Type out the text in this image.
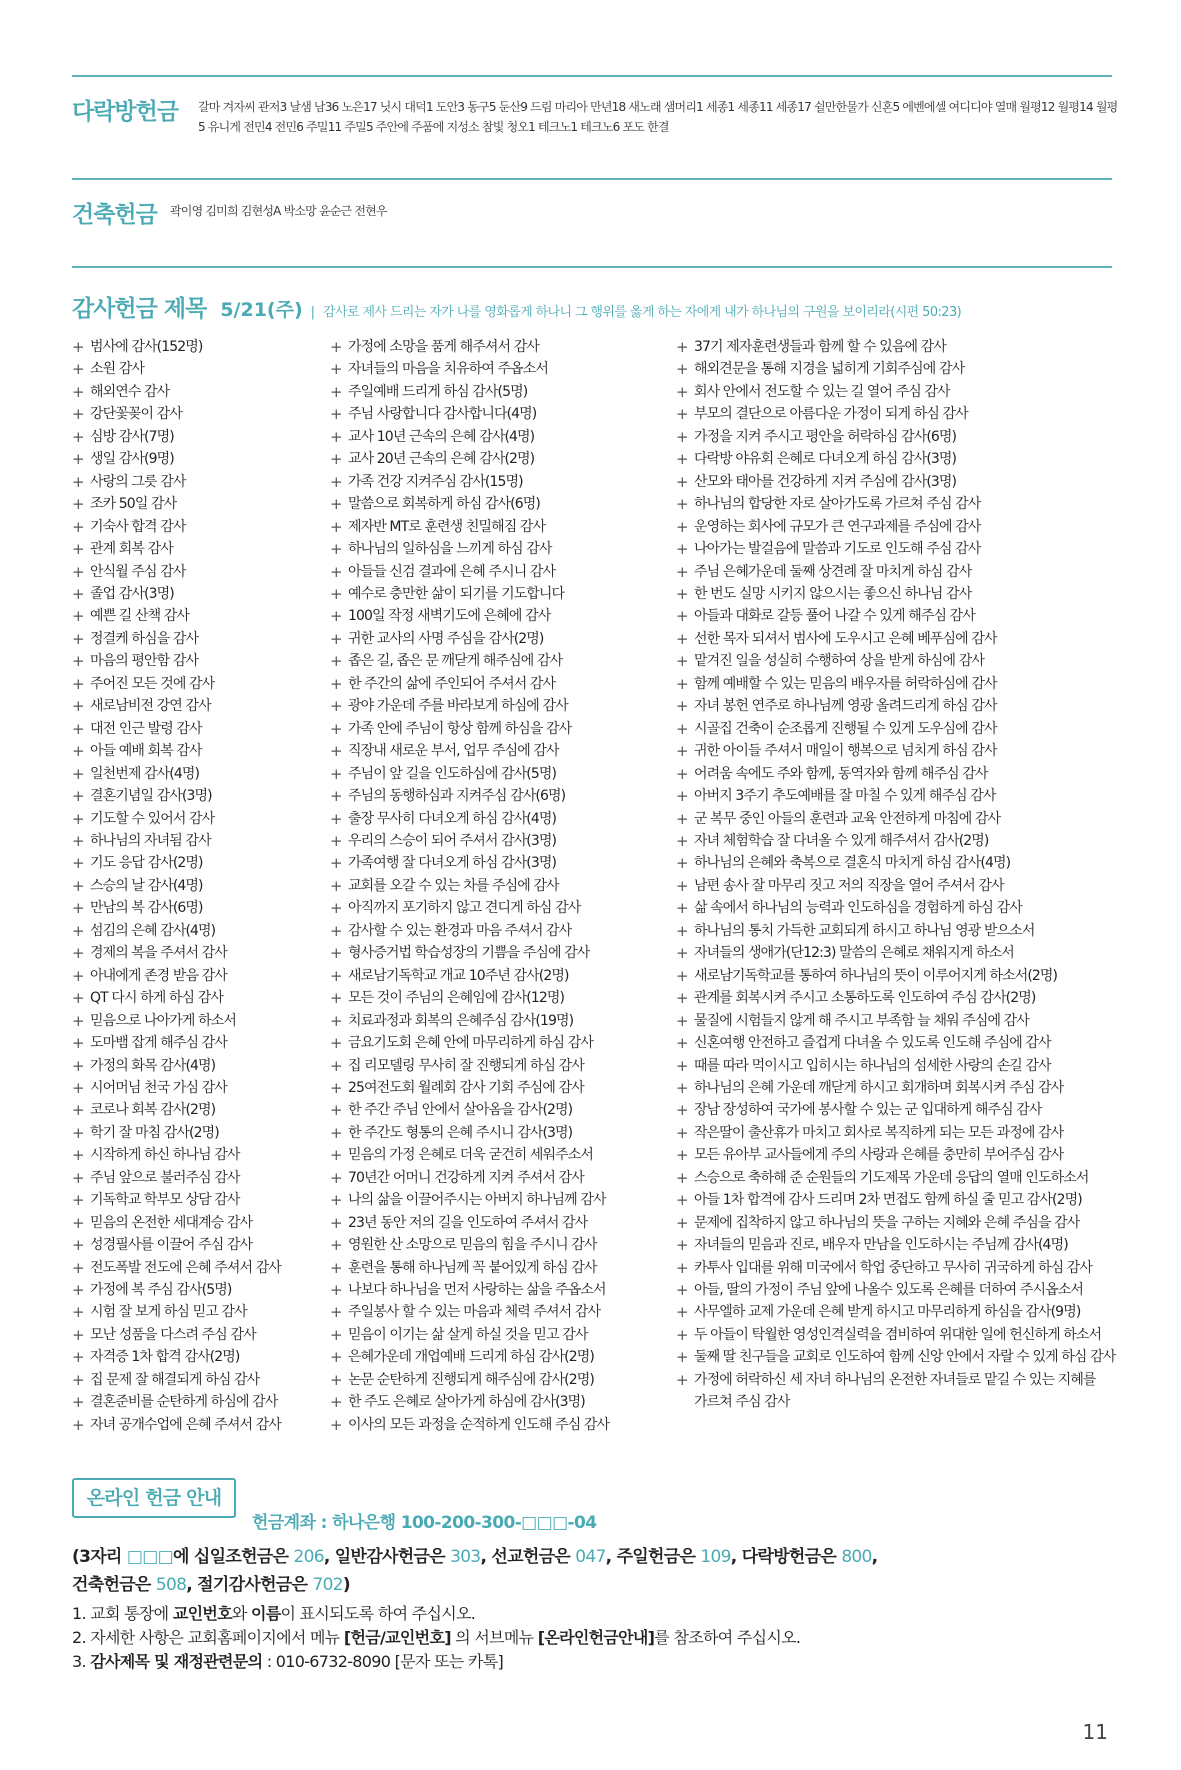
다락방헌금 갈마 겨자씨 관저3 날샘 남36 노은17 닛시 대덕1 도안3 동구5 둔산9 드림 마리아 만년18 새노래 샘머리1 세종1 세종11 세종17 쉴만한물가 신혼5 에벤에셀 여디디야 열매 월평12 월평14 월평5 유니게 전민4 전민6 주밀11 주밀5 주안에 주품에 지성소 참빛 청오1 테크노1 테크노6 포도 한결
건축헌금 곽이영 김미희 김현성A 박소망 윤순근 전현우
감사헌금 제목 5/21(주) | 감사로 제사 드리는 자가 나를 영화롭게 하나니 그 행위를 옳게 하는 자에게 내가 하나님의 구원을 보이리라(시편 50:23)
+ 범사에 감사(152명)
+ 소원 감사
+ 해외연수 감사
+ 강단꽃꽂이 감사
+ 심방 감사(7명)
+ 생일 감사(9명)
+ 사랑의 그릇 감사
+ 조카 50일 감사
+ 기숙사 합격 감사
+ 관계 회복 감사
+ 안식월 주심 감사
+ 졸업 감사(3명)
+ 예쁜 길 산책 감사
+ 정결케 하심을 감사
+ 마음의 평안함 감사
+ 주어진 모든 것에 감사
+ 새로남비전 강연 감사
+ 대전 인근 발령 감사
+ 아들 예배 회복 감사
+ 일천번제 감사(4명)
+ 결혼기념일 감사(3명)
+ 기도할 수 있어서 감사
+ 하나님의 자녀됨 감사
+ 기도 응답 감사(2명)
+ 스승의 날 감사(4명)
+ 만남의 복 감사(6명)
+ 섬김의 은혜 감사(4명)
+ 경제의 복을 주셔서 감사
+ 아내에게 존경 받음 감사
+ QT 다시 하게 하심 감사
+ 믿음으로 나아가게 하소서
+ 도마뱀 잡게 해주심 감사
+ 가정의 화목 감사(4명)
+ 시어머님 천국 가심 감사
+ 코로나 회복 감사(2명)
+ 학기 잘 마침 감사(2명)
+ 시작하게 하신 하나님 감사
+ 주님 앞으로 불러주심 감사
+ 기독학교 학부모 상담 감사
+ 믿음의 온전한 세대계승 감사
+ 성경필사를 이끌어 주심 감사
+ 전도폭발 전도에 은혜 주셔서 감사
+ 가정에 복 주심 감사(5명)
+ 시험 잘 보게 하심 믿고 감사
+ 모난 성품을 다스려 주심 감사
+ 자격증 1차 합격 감사(2명)
+ 집 문제 잘 해결되게 하심 감사
+ 결혼준비를 순탄하게 하심에 감사
+ 자녀 공개수업에 은혜 주셔서 감사
+ 가정에 소망을 품게 해주셔서 감사
+ 자녀들의 마음을 치유하여 주옵소서
+ 주일예배 드리게 하심 감사(5명)
+ 주님 사랑합니다 감사합니다(4명)
+ 교사 10년 근속의 은혜 감사(4명)
+ 교사 20년 근속의 은혜 감사(2명)
+ 가족 건강 지켜주심 감사(15명)
+ 말씀으로 회복하게 하심 감사(6명)
+ 제자반 MT로 훈련생 친밀해짐 감사
+ 하나님의 일하심을 느끼게 하심 감사
+ 아들들 신검 결과에 은혜 주시니 감사
+ 예수로 충만한 삶이 되기를 기도합니다
+ 100일 작정 새벽기도에 은혜에 감사
+ 귀한 교사의 사명 주심을 감사(2명)
+ 좁은 길, 좁은 문 깨닫게 해주심에 감사
+ 한 주간의 삶에 주인되어 주셔서 감사
+ 광야 가운데 주를 바라보게 하심에 감사
+ 가족 안에 주님이 항상 함께 하심을 감사
+ 직장내 새로운 부서, 업무 주심에 감사
+ 주님이 앞 길을 인도하심에 감사(5명)
+ 주님의 동행하심과 지켜주심 감사(6명)
+ 출장 무사히 다녀오게 하심 감사(4명)
+ 우리의 스승이 되어 주셔서 감사(3명)
+ 가족여행 잘 다녀오게 하심 감사(3명)
+ 교회를 오갈 수 있는 차를 주심에 감사
+ 아직까지 포기하지 않고 견디게 하심 감사
+ 감사할 수 있는 환경과 마음 주셔서 감사
+ 형사증거법 학습성장의 기쁨을 주심에 감사
+ 새로남기독학교 개교 10주년 감사(2명)
+ 모든 것이 주님의 은혜임에 감사(12명)
+ 치료과정과 회복의 은혜주심 감사(19명)
+ 금요기도회 은혜 안에 마무리하게 하심 감사
+ 집 리모델링 무사히 잘 진행되게 하심 감사
+ 25여전도회 월례회 감사 기회 주심에 감사
+ 한 주간 주님 안에서 살아옴을 감사(2명)
+ 한 주간도 형통의 은혜 주시니 감사(3명)
+ 믿음의 가정 은혜로 더욱 굳건히 세워주소서
+ 70년간 어머니 건강하게 지켜 주셔서 감사
+ 나의 삶을 이끌어주시는 아버지 하나님께 감사
+ 23년 동안 저의 길을 인도하여 주셔서 감사
+ 영원한 산 소망으로 믿음의 힘을 주시니 감사
+ 훈련을 통해 하나님께 꼭 붙어있게 하심 감사
+ 나보다 하나님을 먼저 사랑하는 삶을 주옵소서
+ 주일봉사 할 수 있는 마음과 체력 주셔서 감사
+ 믿음이 이기는 삶 살게 하실 것을 믿고 감사
+ 은혜가운데 개업예배 드리게 하심 감사(2명)
+ 논문 순탄하게 진행되게 해주심에 감사(2명)
+ 한 주도 은혜로 살아가게 하심에 감사(3명)
+ 이사의 모든 과정을 순적하게 인도해 주심 감사
+ 37기 제자훈련생들과 함께 할 수 있음에 감사
+ 해외견문을 통해 지경을 넓히게 기회주심에 감사
+ 회사 안에서 전도할 수 있는 길 열어 주심 감사
+ 부모의 결단으로 아름다운 가정이 되게 하심 감사
+ 가정을 지켜 주시고 평안을 허락하심 감사(6명)
+ 다락방 야유회 은혜로 다녀오게 하심 감사(3명)
+ 산모와 태아를 건강하게 지켜 주심에 감사(3명)
+ 하나님의 합당한 자로 살아가도록 가르쳐 주심 감사
+ 운영하는 회사에 규모가 큰 연구과제를 주심에 감사
+ 나아가는 발걸음에 말씀과 기도로 인도해 주심 감사
+ 주님 은혜가운데 둘째 상견례 잘 마치게 하심 감사
+ 한 번도 실망 시키지 않으시는 좋으신 하나님 감사
+ 아들과 대화로 갈등 풀어 나갈 수 있게 해주심 감사
+ 선한 목자 되셔서 범사에 도우시고 은혜 베푸심에 감사
+ 맡겨진 일을 성실히 수행하여 상을 받게 하심에 감사
+ 함께 예배할 수 있는 믿음의 배우자를 허락하심에 감사
+ 자녀 봉헌 연주로 하나님께 영광 올려드리게 하심 감사
+ 시골집 건축이 순조롭게 진행될 수 있게 도우심에 감사
+ 귀한 아이들 주셔서 매일이 행복으로 넘치게 하심 감사
+ 어려움 속에도 주와 함께, 동역자와 함께 해주심 감사
+ 아버지 3주기 추도예배를 잘 마칠 수 있게 해주심 감사
+ 군 복무 중인 아들의 훈련과 교육 안전하게 마침에 감사
+ 자녀 체험학습 잘 다녀올 수 있게 해주셔서 감사(2명)
+ 하나님의 은혜와 축복으로 결혼식 마치게 하심 감사(4명)
+ 남편 송사 잘 마무리 짓고 저의 직장을 열어 주셔서 감사
+ 삶 속에서 하나님의 능력과 인도하심을 경험하게 하심 감사
+ 하나님의 통치 가득한 교회되게 하시고 하나님 영광 받으소서
+ 자녀들의 생애가(단12:3) 말씀의 은혜로 채워지게 하소서
+ 새로남기독학교를 통하여 하나님의 뜻이 이루어지게 하소서(2명)
+ 관계를 회복시켜 주시고 소통하도록 인도하여 주심 감사(2명)
+ 물질에 시험들지 않게 해 주시고 부족함 늘 채워 주심에 감사
+ 신혼여행 안전하고 즐겁게 다녀올 수 있도록 인도해 주심에 감사
+ 때를 따라 먹이시고 입히시는 하나님의 섬세한 사랑의 손길 감사
+ 하나님의 은혜 가운데 깨닫게 하시고 회개하며 회복시켜 주심 감사
+ 장남 장성하여 국가에 봉사할 수 있는 군 입대하게 해주심 감사
+ 작은딸이 출산휴가 마치고 회사로 복직하게 되는 모든 과정에 감사
+ 모든 유아부 교사들에게 주의 사랑과 은혜를 충만히 부어주심 감사
+ 스승으로 축하해 준 순원들의 기도제목 가운데 응답의 열매 인도하소서
+ 아들 1차 합격에 감사 드리며 2차 면접도 함께 하실 줄 믿고 감사(2명)
+ 문제에 집착하지 않고 하나님의 뜻을 구하는 지혜와 은혜 주심을 감사
+ 자녀들의 믿음과 진로, 배우자 만남을 인도하시는 주님께 감사(4명)
+ 카투사 입대를 위해 미국에서 학업 중단하고 무사히 귀국하게 하심 감사
+ 아들, 딸의 가정이 주님 앞에 나올수 있도록 은혜를 더하여 주시옵소서
+ 사무엘하 교제 가운데 은혜 받게 하시고 마무리하게 하심을 감사(9명)
+ 두 아들이 탁월한 영성인격실력을 겸비하여 위대한 일에 헌신하게 하소서
+ 둘째 딸 친구들을 교회로 인도하여 함께 신앙 안에서 자랄 수 있게 하심 감사
+ 가정에 허락하신 세 자녀 하나님의 온전한 자녀들로 맡길 수 있는 지혜를 가르쳐 주심 감사
온라인 헌금 안내
헌금계좌 : 하나은행 100-200-300-□□□-04
(3자리 □□□에 십일조헌금은 206, 일반감사헌금은 303, 선교헌금은 047, 주일헌금은 109, 다락방헌금은 800,
건축헌금은 508, 절기감사헌금은 702)
1. 교회 통장에 교인번호와 이름이 표시되도록 하여 주십시오.
2. 자세한 사항은 교회홈페이지에서 메뉴 [헌금/교인번호] 의 서브메뉴 [온라인헌금안내]를 참조하여 주십시오.
3. 감사제목 및 재정관련문의 : 010-6732-8090 [문자 또는 카톡]
11
